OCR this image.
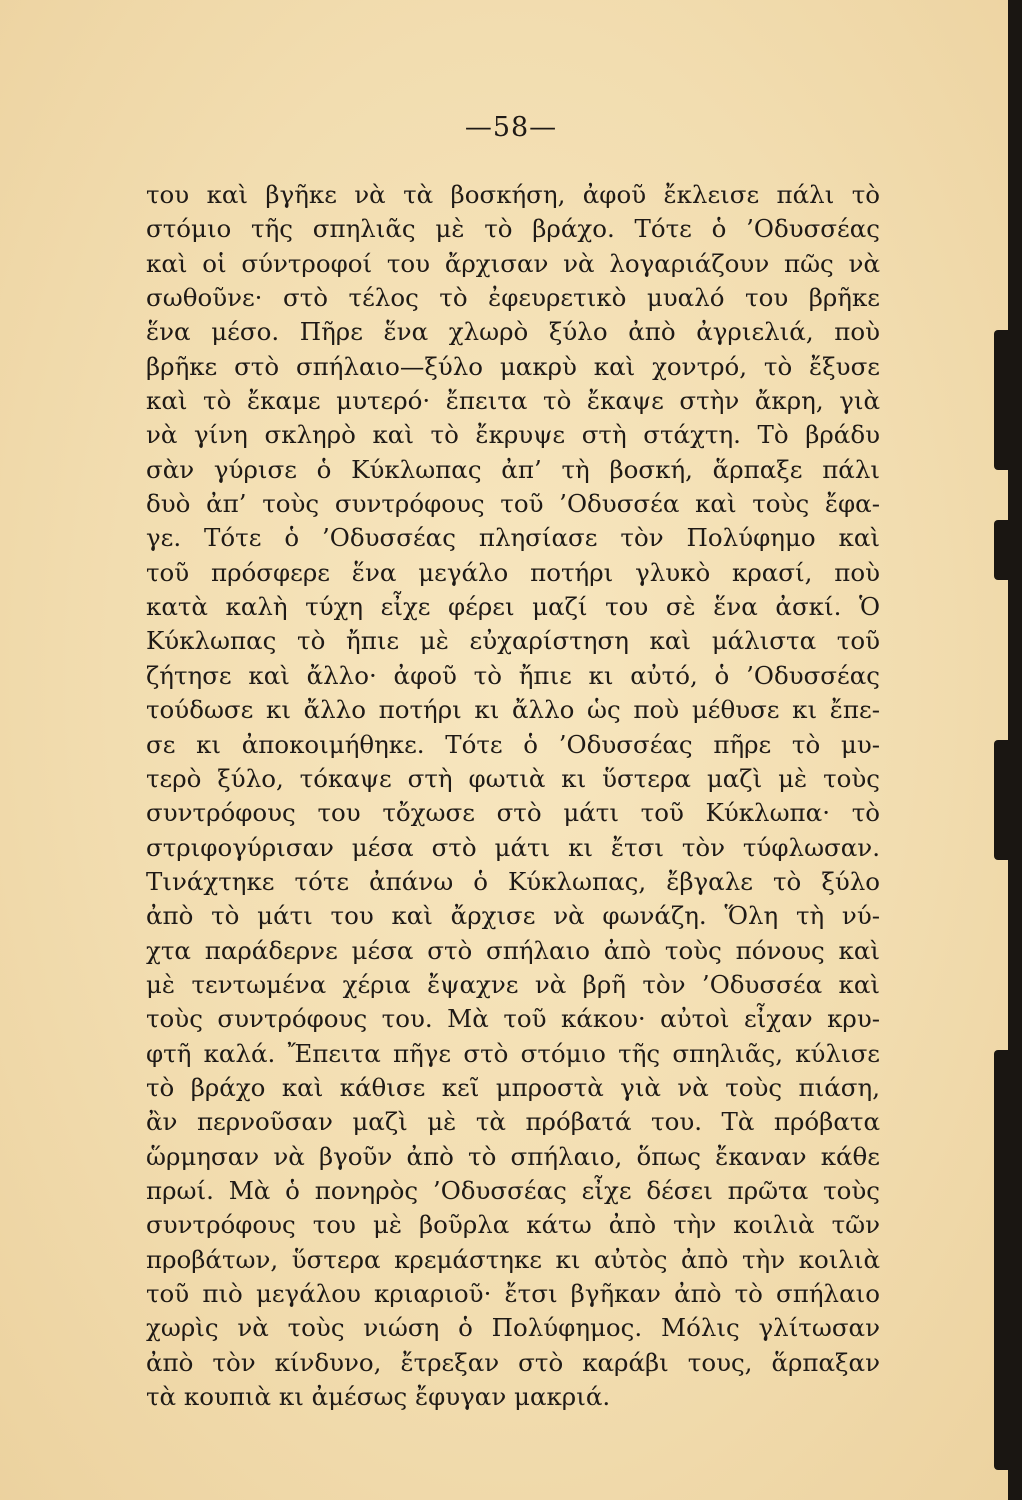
—58—
του καὶ βγῆκε νὰ τὰ βοσκήση, ἀφοῦ ἔκλεισε πάλι τὸ
στόμιο τῆς σπηλιᾶς μὲ τὸ βράχο. Τότε ὁ ’Οδυσσέας
καὶ οἱ σύντροφοί του ἄρχισαν νὰ λογαριάζουν πῶς νὰ
σωθοῦνε· στὸ τέλος τὸ ἐφευρετικὸ μυαλό του βρῆκε
ἕνα μέσο. Πῆρε ἕνα χλωρὸ ξύλο ἀπὸ ἀγριελιά, ποὺ
βρῆκε στὸ σπήλαιο—ξύλο μακρὺ καὶ χοντρό, τὸ ἔξυσε
καὶ τὸ ἔκαμε μυτερό· ἔπειτα τὸ ἔκαψε στὴν ἄκρη, γιὰ
νὰ γίνη σκληρὸ καὶ τὸ ἔκρυψε στὴ στάχτη. Τὸ βράδυ
σὰν γύρισε ὁ Κύκλωπας ἀπ’ τὴ βοσκή, ἅρπαξε πάλι
δυὸ ἀπ’ τοὺς συντρόφους τοῦ ’Οδυσσέα καὶ τοὺς ἔφα-
γε. Τότε ὁ ’Οδυσσέας πλησίασε τὸν Πολύφημο καὶ
τοῦ πρόσφερε ἕνα μεγάλο ποτήρι γλυκὸ κρασί, ποὺ
κατὰ καλὴ τύχη εἶχε φέρει μαζί του σὲ ἕνα ἀσκί. Ὁ
Κύκλωπας τὸ ἤπιε μὲ εὐχαρίστηση καὶ μάλιστα τοῦ
ζήτησε καὶ ἄλλο· ἀφοῦ τὸ ἤπιε κι αὐτό, ὁ ’Οδυσσέας
τούδωσε κι ἄλλο ποτήρι κι ἄλλο ὡς ποὺ μέθυσε κι ἔπε-
σε κι ἀποκοιμήθηκε. Τότε ὁ ’Οδυσσέας πῆρε τὸ μυ-
τερὸ ξύλο, τόκαψε στὴ φωτιὰ κι ὕστερα μαζὶ μὲ τοὺς
συντρόφους του τὄχωσε στὸ μάτι τοῦ Κύκλωπα· τὸ
στριφογύρισαν μέσα στὸ μάτι κι ἔτσι τὸν τύφλωσαν.
Τινάχτηκε τότε ἀπάνω ὁ Κύκλωπας, ἔβγαλε τὸ ξύλο
ἀπὸ τὸ μάτι του καὶ ἄρχισε νὰ φωνάζη. Ὅλη τὴ νύ-
χτα παράδερνε μέσα στὸ σπήλαιο ἀπὸ τοὺς πόνους καὶ
μὲ τεντωμένα χέρια ἔψαχνε νὰ βρῆ τὸν ’Οδυσσέα καὶ
τοὺς συντρόφους του. Μὰ τοῦ κάκου· αὐτοὶ εἶχαν κρυ-
φτῆ καλά. Ἔπειτα πῆγε στὸ στόμιο τῆς σπηλιᾶς, κύλισε
τὸ βράχο καὶ κάθισε κεῖ μπροστὰ γιὰ νὰ τοὺς πιάση,
ἂν περνοῦσαν μαζὶ μὲ τὰ πρόβατά του. Τὰ πρόβατα
ὥρμησαν νὰ βγοῦν ἀπὸ τὸ σπήλαιο, ὅπως ἔκαναν κάθε
πρωί. Μὰ ὁ πονηρὸς ’Οδυσσέας εἶχε δέσει πρῶτα τοὺς
συντρόφους του μὲ βοῦρλα κάτω ἀπὸ τὴν κοιλιὰ τῶν
προβάτων, ὕστερα κρεμάστηκε κι αὐτὸς ἀπὸ τὴν κοιλιὰ
τοῦ πιὸ μεγάλου κριαριοῦ· ἔτσι βγῆκαν ἀπὸ τὸ σπήλαιο
χωρὶς νὰ τοὺς νιώση ὁ Πολύφημος. Μόλις γλίτωσαν
ἀπὸ τὸν κίνδυνο, ἔτρεξαν στὸ καράβι τους, ἅρπαξαν
τὰ κουπιὰ κι ἀμέσως ἔφυγαν μακριά.
